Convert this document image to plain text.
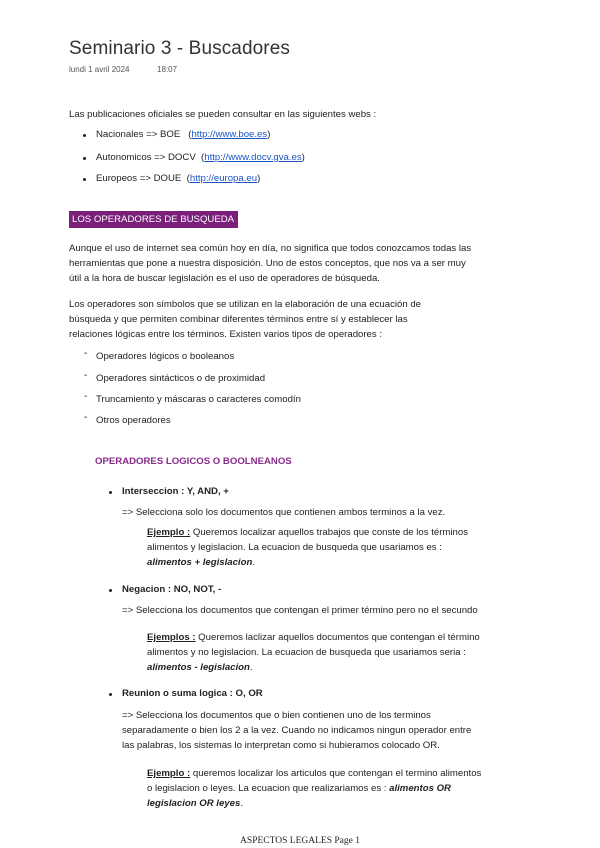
Seminario 3 - Buscadores
lundi 1 avril 2024	18:07
Las publicaciones oficiales se pueden consultar en las siguientes webs :
Nacionales => BOE   (http://www.boe.es)
Autonomicos => DOCV  (http://www.docv.gva.es)
Europeos => DOUE  (http://europa.eu)
LOS OPERADORES DE BUSQUEDA
Aunque el uso de internet sea común hoy en día, no significa que todos conozcamos todas las
herramientas que pone a nuestra disposición. Uno de estos conceptos, que nos va a ser muy
útil a la hora de buscar legislación es el uso de operadores de búsqueda.
Los operadores son símbolos que se utilizan en la elaboración de una ecuación de
búsqueda y que permiten combinar diferentes términos entre sí y establecer las
relaciones lógicas entre los términos. Existen varios tipos de operadores :
- Operadores lógicos o booleanos
- Operadores sintácticos o de proximidad
- Truncamiento y máscaras o caracteres comodín
- Otros operadores
OPERADORES LOGICOS O BOOLNEANOS
Interseccion : Y, AND, +
=> Selecciona solo los documentos que contienen ambos terminos a la vez.
Ejemplo : Queremos localizar aquellos trabajos que conste de los términos
alimentos y legislacion. La ecuacion de busqueda que usariamos es :
alimentos + legislacion.
Negacion : NO, NOT, -
=> Selecciona los documentos que contengan el primer término pero no el secundo
Ejemplos : Queremos laclizar aquellos documentos que contengan el término
alimentos y no legislacion. La ecuacion de busqueda que usariamos seria :
alimentos - legislacion.
Reunion o suma logica : O, OR
=> Selecciona los documentos que o bien contienen uno de los terminos
separadamente o bien los 2 a la vez. Cuando no indicamos ningun operador entre
las palabras, los sistemas lo interpretan como si hubieramos colocado OR.
Ejemplo : queremos localizar los articulos que contengan el termino alimentos
o legislacion o leyes. La ecuacion que realizariamos es : alimentos OR
legislacion OR leyes.
ASPECTOS LEGALES Page 1
